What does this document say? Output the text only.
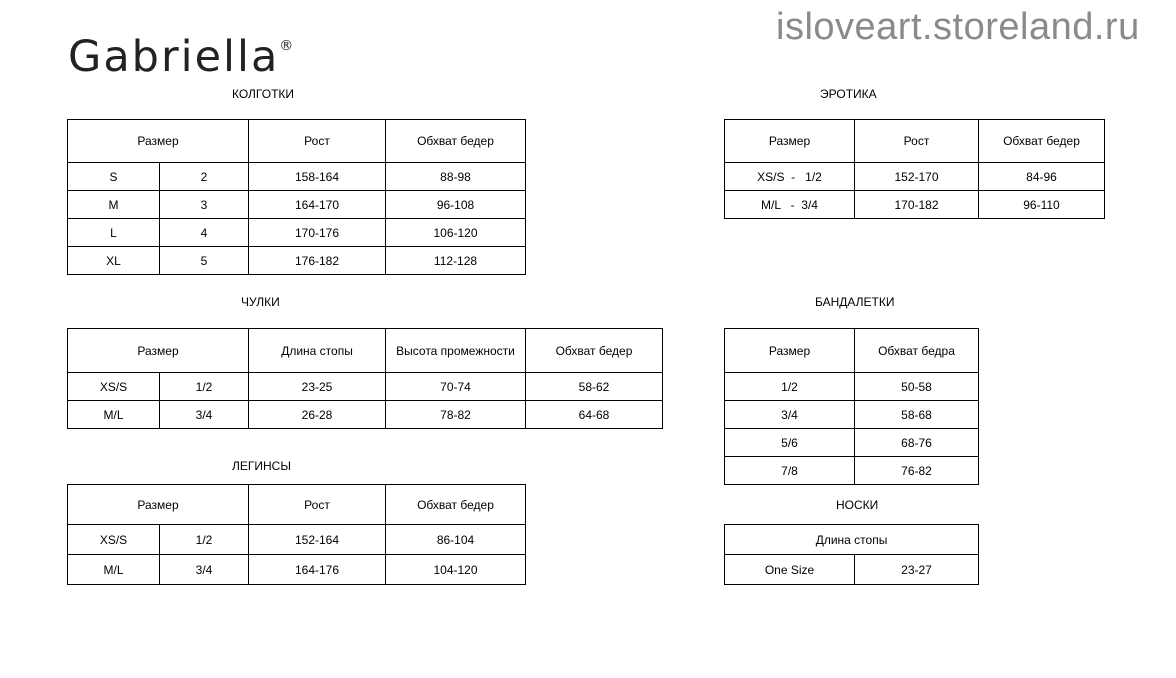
isloveart.storeland.ru
Gabriella®
КОЛГОТКИ
Размер		Рост	Обхват бедер
S	2	158-164	88-98
M	3	164-170	96-108
L	4	170-176	106-120
XL	5	176-182	112-128
ЭРОТИКА
Размер	Рост	Обхват бедер
XS/S  -   1/2	152-170	84-96
M/L   -  3/4	170-182	96-110
ЧУЛКИ
Размер		Длина стопы	Высота промежности	Обхват бедер
XS/S	1/2	23-25	70-74	58-62
M/L	3/4	26-28	78-82	64-68
БАНДАЛЕТКИ
Размер	Обхват бедра
1/2	50-58
3/4	58-68
5/6	68-76
7/8	76-82
ЛЕГИНСЫ
Размер		Рост	Обхват бедер
XS/S	1/2	152-164	86-104
M/L	3/4	164-176	104-120
НОСКИ
Длина стопы
One Size	23-27
